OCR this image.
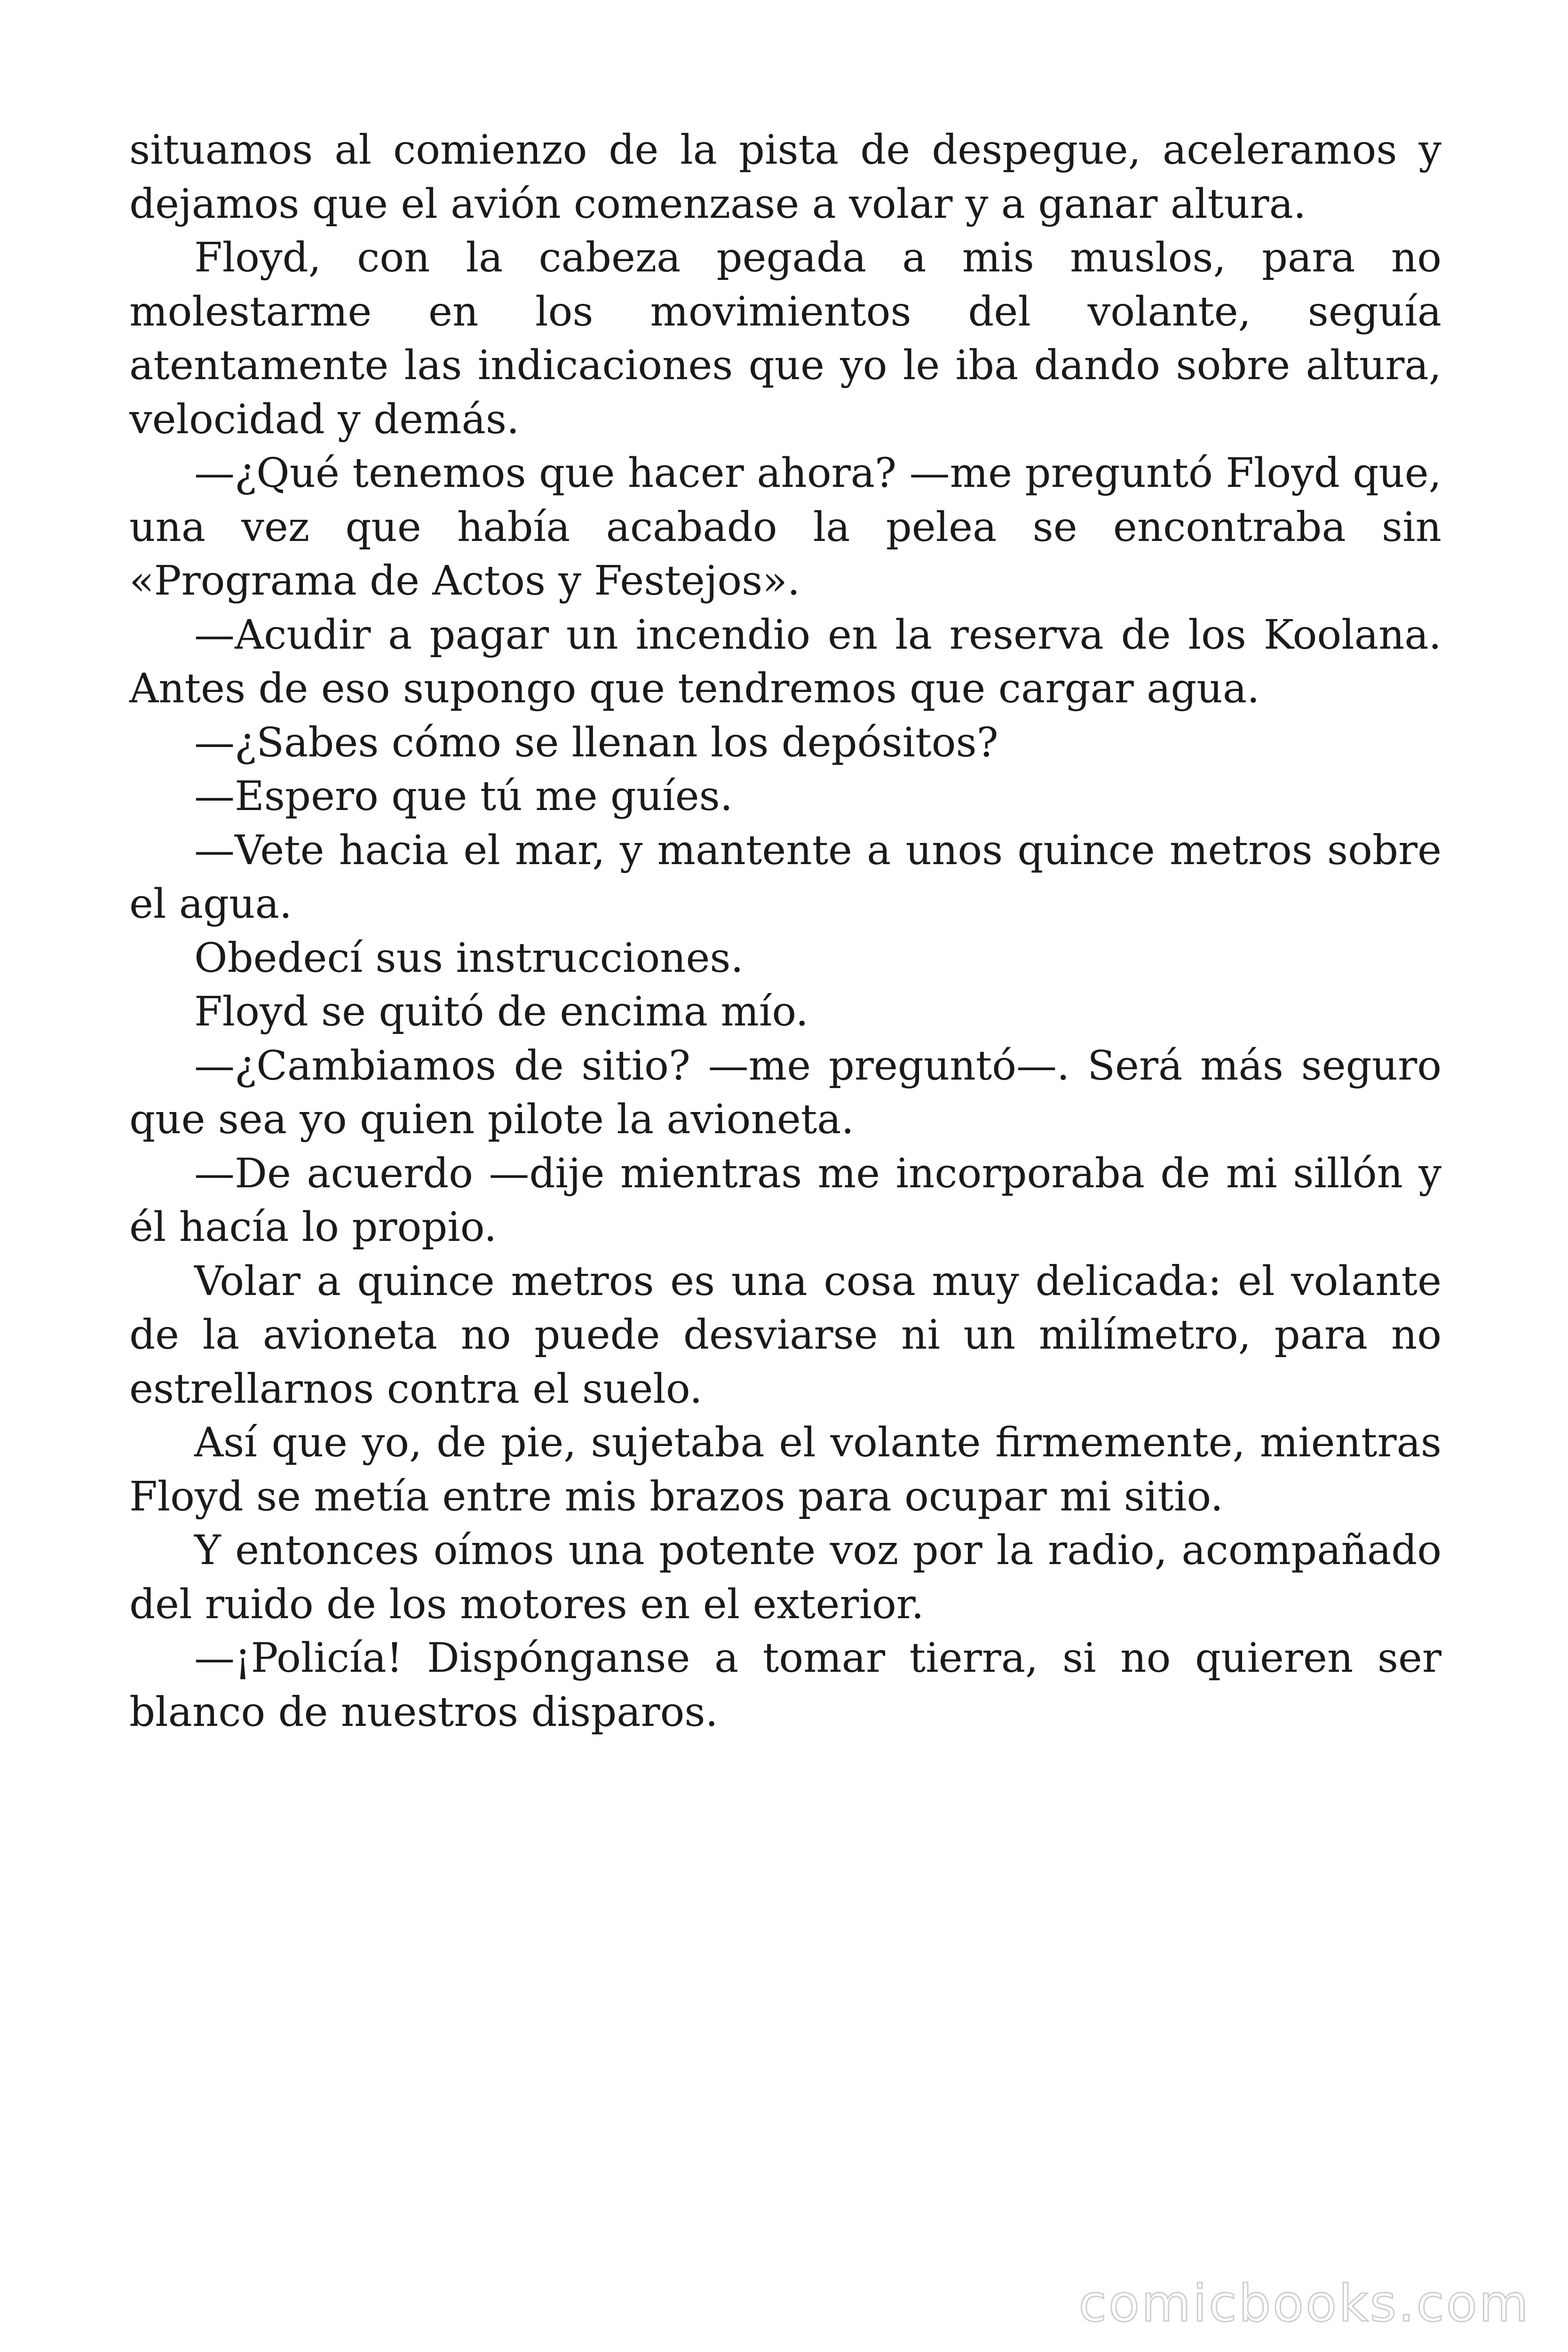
situamos al comienzo de la pista de despegue, aceleramos y dejamos que el avión comenzase a volar y a ganar altura.

Floyd, con la cabeza pegada a mis muslos, para no molestarme en los movimientos del volante, seguía atentamente las indicaciones que yo le iba dando sobre altura, velocidad y demás.

—¿Qué tenemos que hacer ahora? —me preguntó Floyd que, una vez que había acabado la pelea se encontraba sin «Programa de Actos y Festejos».

—Acudir a pagar un incendio en la reserva de los Koolana. Antes de eso supongo que tendremos que cargar agua.

—¿Sabes cómo se llenan los depósitos?

—Espero que tú me guíes.

—Vete hacia el mar, y mantente a unos quince metros sobre el agua.

Obedecí sus instrucciones.

Floyd se quitó de encima mío.

—¿Cambiamos de sitio? —me preguntó—. Será más seguro que sea yo quien pilote la avioneta.

—De acuerdo —dije mientras me incorporaba de mi sillón y él hacía lo propio.

Volar a quince metros es una cosa muy delicada: el volante de la avioneta no puede desviarse ni un milímetro, para no estrellarnos contra el suelo.

Así que yo, de pie, sujetaba el volante firmemente, mientras Floyd se metía entre mis brazos para ocupar mi sitio.

Y entonces oímos una potente voz por la radio, acompañado del ruido de los motores en el exterior.

—¡Policía! Dispónganse a tomar tierra, si no quieren ser blanco de nuestros disparos.

comicbooks.com
